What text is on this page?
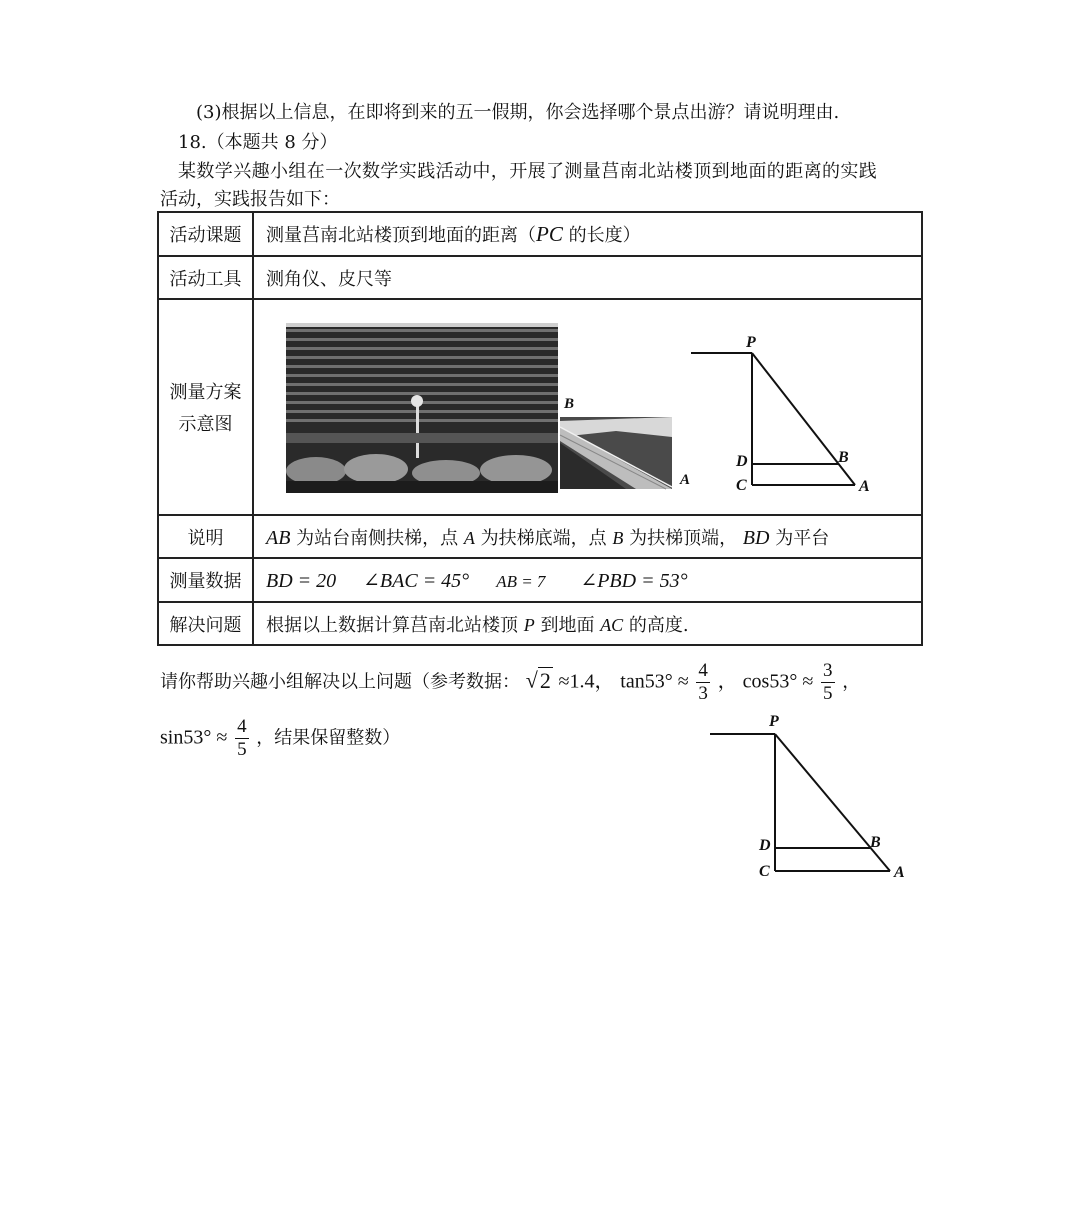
(3)根据以上信息，在即将到来的五一假期，你会选择哪个景点出游？请说明理由.
18.（本题共 8 分）
某数学兴趣小组在一次数学实践活动中，开展了测量莒南北站楼顶到地面的距离的实践
活动，实践报告如下：
活动课题	测量莒南北站楼顶到地面的距离（PC 的长度）
活动工具	测角仪、皮尺等

测量方案
示意图	

说明	AB 为站台南侧扶梯，点 A 为扶梯底端，点 B 为扶梯顶端， BD 为平台
测量数据	BD = 20 ∠BAC = 45° AB = 7 ∠PBD = 53°
解决问题	根据以上数据计算莒南北站楼顶 P 到地面 AC 的高度.
B
A
P
D	B
C	A
请你帮助兴趣小组解决以上问题（参考数据： √2 ≈1.4， $\tan 53^\circ \approx \frac{4}{3}$ ， $\cos 53^\circ \approx \frac{3}{5}$ ，
$\sin 53^\circ \approx \frac{4}{5}$ ，结果保留整数）
P
D	B
C	A
